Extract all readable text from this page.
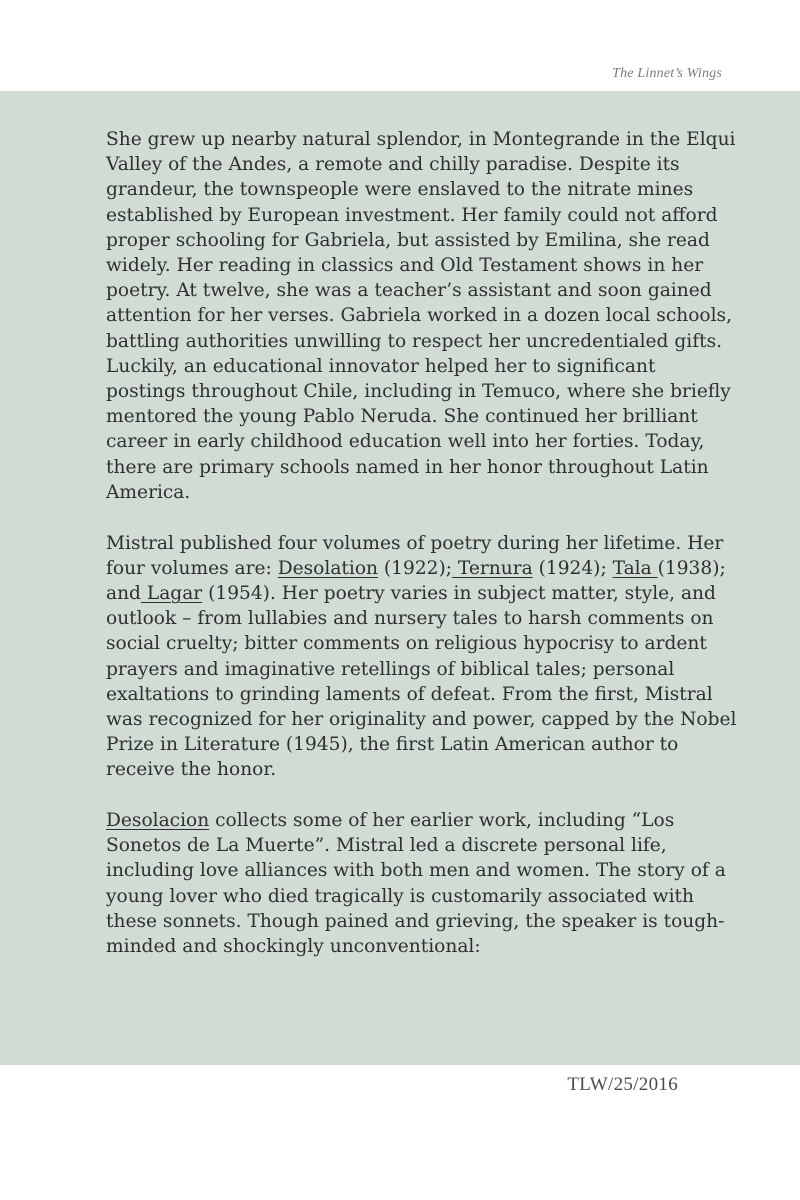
The Linnet’s Wings

She grew up nearby natural splendor, in Montegrande in the Elqui
Valley of the Andes, a remote and chilly paradise. Despite its
grandeur, the townspeople were enslaved to the nitrate mines
established by European investment. Her family could not afford
proper schooling for Gabriela, but assisted by Emilina, she read
widely. Her reading in classics and Old Testament shows in her
poetry. At twelve, she was a teacher’s assistant and soon gained
attention for her verses. Gabriela worked in a dozen local schools,
battling authorities unwilling to respect her uncredentialed gifts.
Luckily, an educational innovator helped her to significant
postings throughout Chile, including in Temuco, where she briefly
mentored the young Pablo Neruda. She continued her brilliant
career in early childhood education well into her forties. Today,
there are primary schools named in her honor throughout Latin
America.

Mistral published four volumes of poetry during her lifetime. Her
four volumes are: Desolation (1922); Ternura (1924); Tala (1938);
and Lagar (1954). Her poetry varies in subject matter, style, and
outlook – from lullabies and nursery tales to harsh comments on
social cruelty; bitter comments on religious hypocrisy to ardent
prayers and imaginative retellings of biblical tales; personal
exaltations to grinding laments of defeat. From the first, Mistral
was recognized for her originality and power, capped by the Nobel
Prize in Literature (1945), the first Latin American author to
receive the honor.

Desolacion collects some of her earlier work, including “Los
Sonetos de La Muerte”. Mistral led a discrete personal life,
including love alliances with both men and women. The story of a
young lover who died tragically is customarily associated with
these sonnets. Though pained and grieving, the speaker is tough-
minded and shockingly unconventional:

TLW/25/2016
